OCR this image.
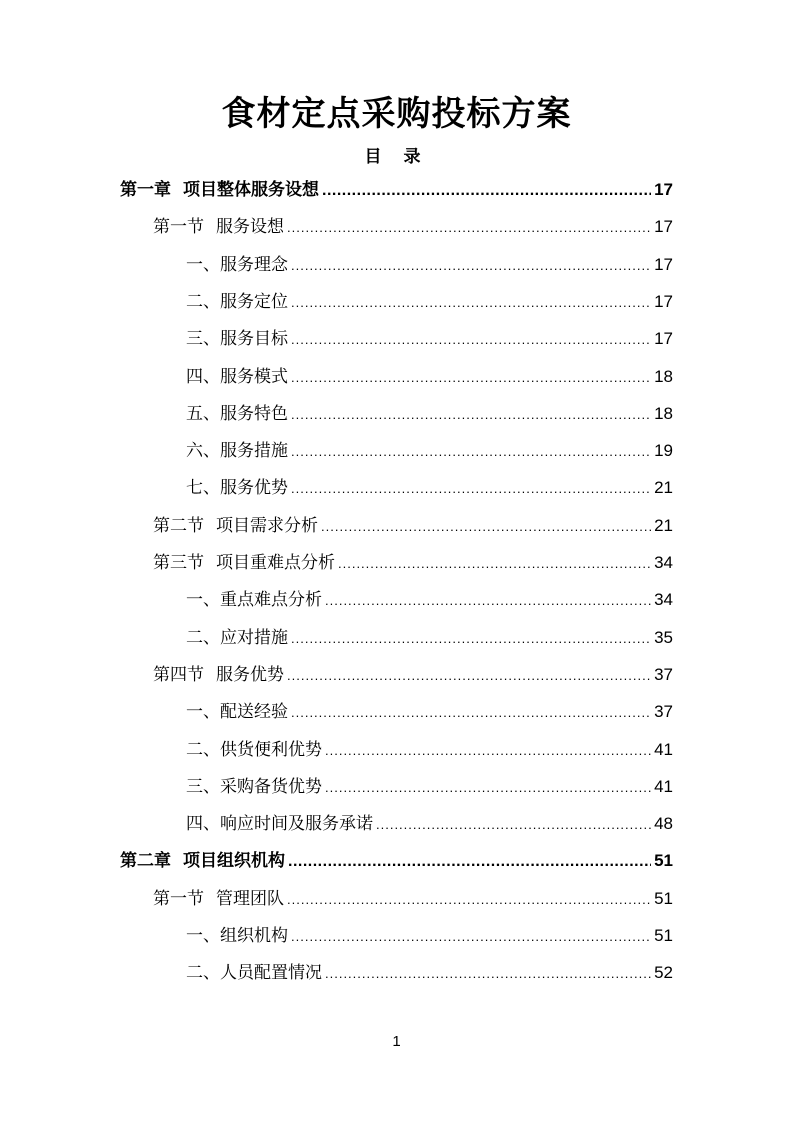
食材定点采购投标方案
目 录
第一章 项目整体服务设想 .....	17
第一节 服务设想 .....	17
一、服务理念 .....	17
二、服务定位 .....	17
三、服务目标 .....	17
四、服务模式 .....	18
五、服务特色 .....	18
六、服务措施 .....	19
七、服务优势 .....	21
第二节 项目需求分析 .....	21
第三节 项目重难点分析 .....	34
一、重点难点分析 .....	34
二、应对措施 .....	35
第四节 服务优势 .....	37
一、配送经验 .....	37
二、供货便利优势 .....	41
三、采购备货优势 .....	41
四、响应时间及服务承诺 .....	48
第二章 项目组织机构 .....	51
第一节 管理团队 .....	51
一、组织机构 .....	51
二、人员配置情况 .....	52
1
